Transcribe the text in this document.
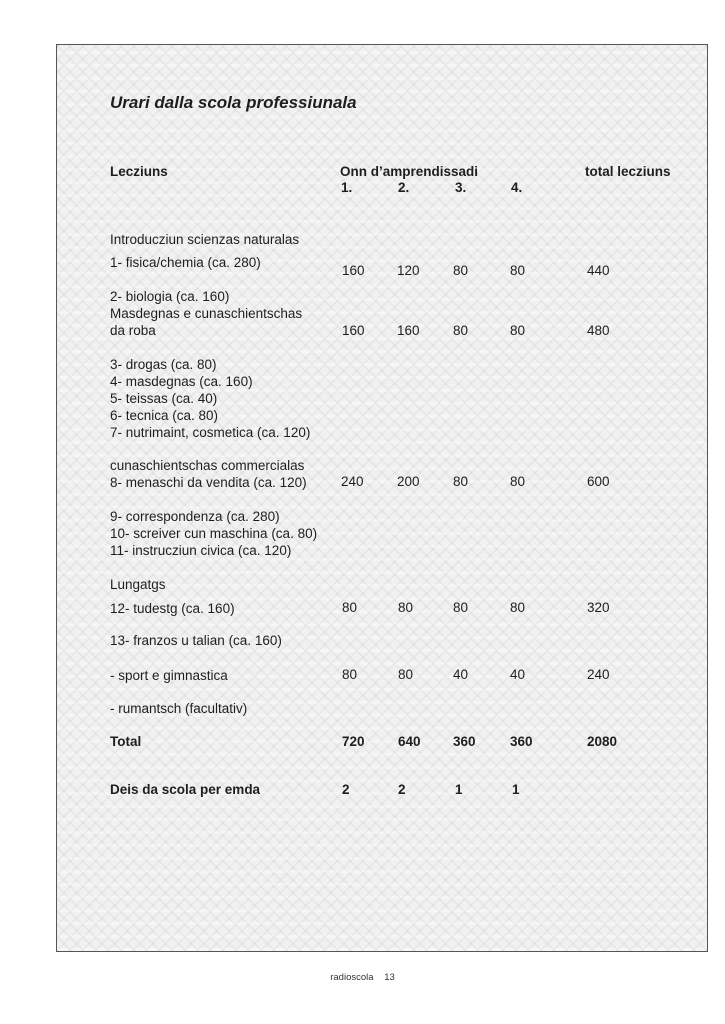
Urari dalla scola professiunala
Lecziuns	Onn d’amprendissadi	total lecziuns
1.	2.	3.	4.
Introducziun scienzas naturalas
1- fisica/chemia (ca. 280)
160 120 80	80	440
2- biologia (ca. 160)
Masdegnas e cunaschientschas
da roba	160 160 80	80	480
3- drogas (ca. 80)
4- masdegnas (ca. 160)
5- teissas (ca. 40)
6- tecnica (ca. 80)
7- nutrimaint, cosmetica (ca. 120)
cunaschientschas commercialas
8- menaschi da vendita (ca. 120)	240 200 80	80	600
9- correspondenza (ca. 280)
10- screiver cun maschina (ca. 80)
11- instrucziun civica (ca. 120)
Lungatgs
12- tudestg (ca. 160)	80	80	80	80	320
13- franzos u talian (ca. 160)
- sport e gimnastica	80	80	40	40	240
- rumantsch (facultativ)
Total	720 640 360	360	2080
Deis da scola per emda	2	2	1	1
radioscola 13
